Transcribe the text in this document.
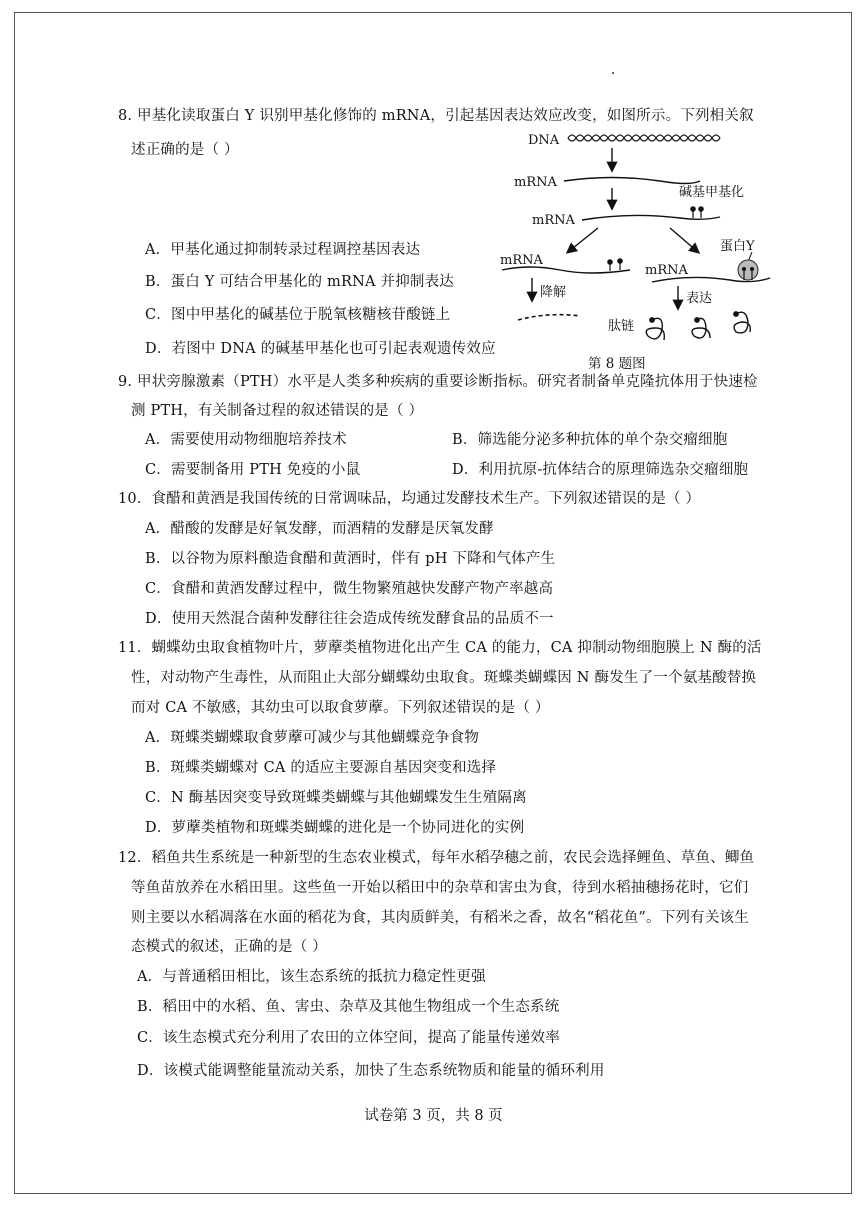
8. 甲基化读取蛋白 Y 识别甲基化修饰的 mRNA，引起基因表达效应改变，如图所示。下列相关叙
述正确的是（ ）
A．甲基化通过抑制转录过程调控基因表达
B．蛋白 Y 可结合甲基化的 mRNA 并抑制表达
C．图中甲基化的碱基位于脱氧核糖核苷酸链上
D．若图中 DNA 的碱基甲基化也可引起表观遗传效应
DNA
mRNA
碱基甲基化
mRNA
mRNA
降解
mRNA
蛋白Y
表达
肽链
第 8 题图
9. 甲状旁腺激素（PTH）水平是人类多种疾病的重要诊断指标。研究者制备单克隆抗体用于快速检
测 PTH，有关制备过程的叙述错误的是（ ）
A．需要使用动物细胞培养技术	B．筛选能分泌多种抗体的单个杂交瘤细胞
C．需要制备用 PTH 免疫的小鼠	D．利用抗原-抗体结合的原理筛选杂交瘤细胞
10．食醋和黄酒是我国传统的日常调味品，均通过发酵技术生产。下列叙述错误的是（ ）
A．醋酸的发酵是好氧发酵，而酒精的发酵是厌氧发酵
B．以谷物为原料酿造食醋和黄酒时，伴有 pH 下降和气体产生
C．食醋和黄酒发酵过程中，微生物繁殖越快发酵产物产率越高
D．使用天然混合菌种发酵往往会造成传统发酵食品的品质不一
11．蝴蝶幼虫取食植物叶片，萝藦类植物进化出产生 CA 的能力，CA 抑制动物细胞膜上 N 酶的活
性，对动物产生毒性，从而阻止大部分蝴蝶幼虫取食。斑蝶类蝴蝶因 N 酶发生了一个氨基酸替换
而对 CA 不敏感，其幼虫可以取食萝藦。下列叙述错误的是（ ）
A．斑蝶类蝴蝶取食萝藦可减少与其他蝴蝶竞争食物
B．斑蝶类蝴蝶对 CA 的适应主要源自基因突变和选择
C．N 酶基因突变导致斑蝶类蝴蝶与其他蝴蝶发生生殖隔离
D．萝藦类植物和斑蝶类蝴蝶的进化是一个协同进化的实例
12．稻鱼共生系统是一种新型的生态农业模式，每年水稻孕穗之前，农民会选择鲤鱼、草鱼、鲫鱼
等鱼苗放养在水稻田里。这些鱼一开始以稻田中的杂草和害虫为食，待到水稻抽穗扬花时，它们
则主要以水稻凋落在水面的稻花为食，其肉质鲜美，有稻米之香，故名“稻花鱼”。下列有关该生
态模式的叙述，正确的是（ ）
A．与普通稻田相比，该生态系统的抵抗力稳定性更强
B．稻田中的水稻、鱼、害虫、杂草及其他生物组成一个生态系统
C．该生态模式充分利用了农田的立体空间，提高了能量传递效率
D．该模式能调整能量流动关系，加快了生态系统物质和能量的循环利用
试卷第 3 页，共 8 页
